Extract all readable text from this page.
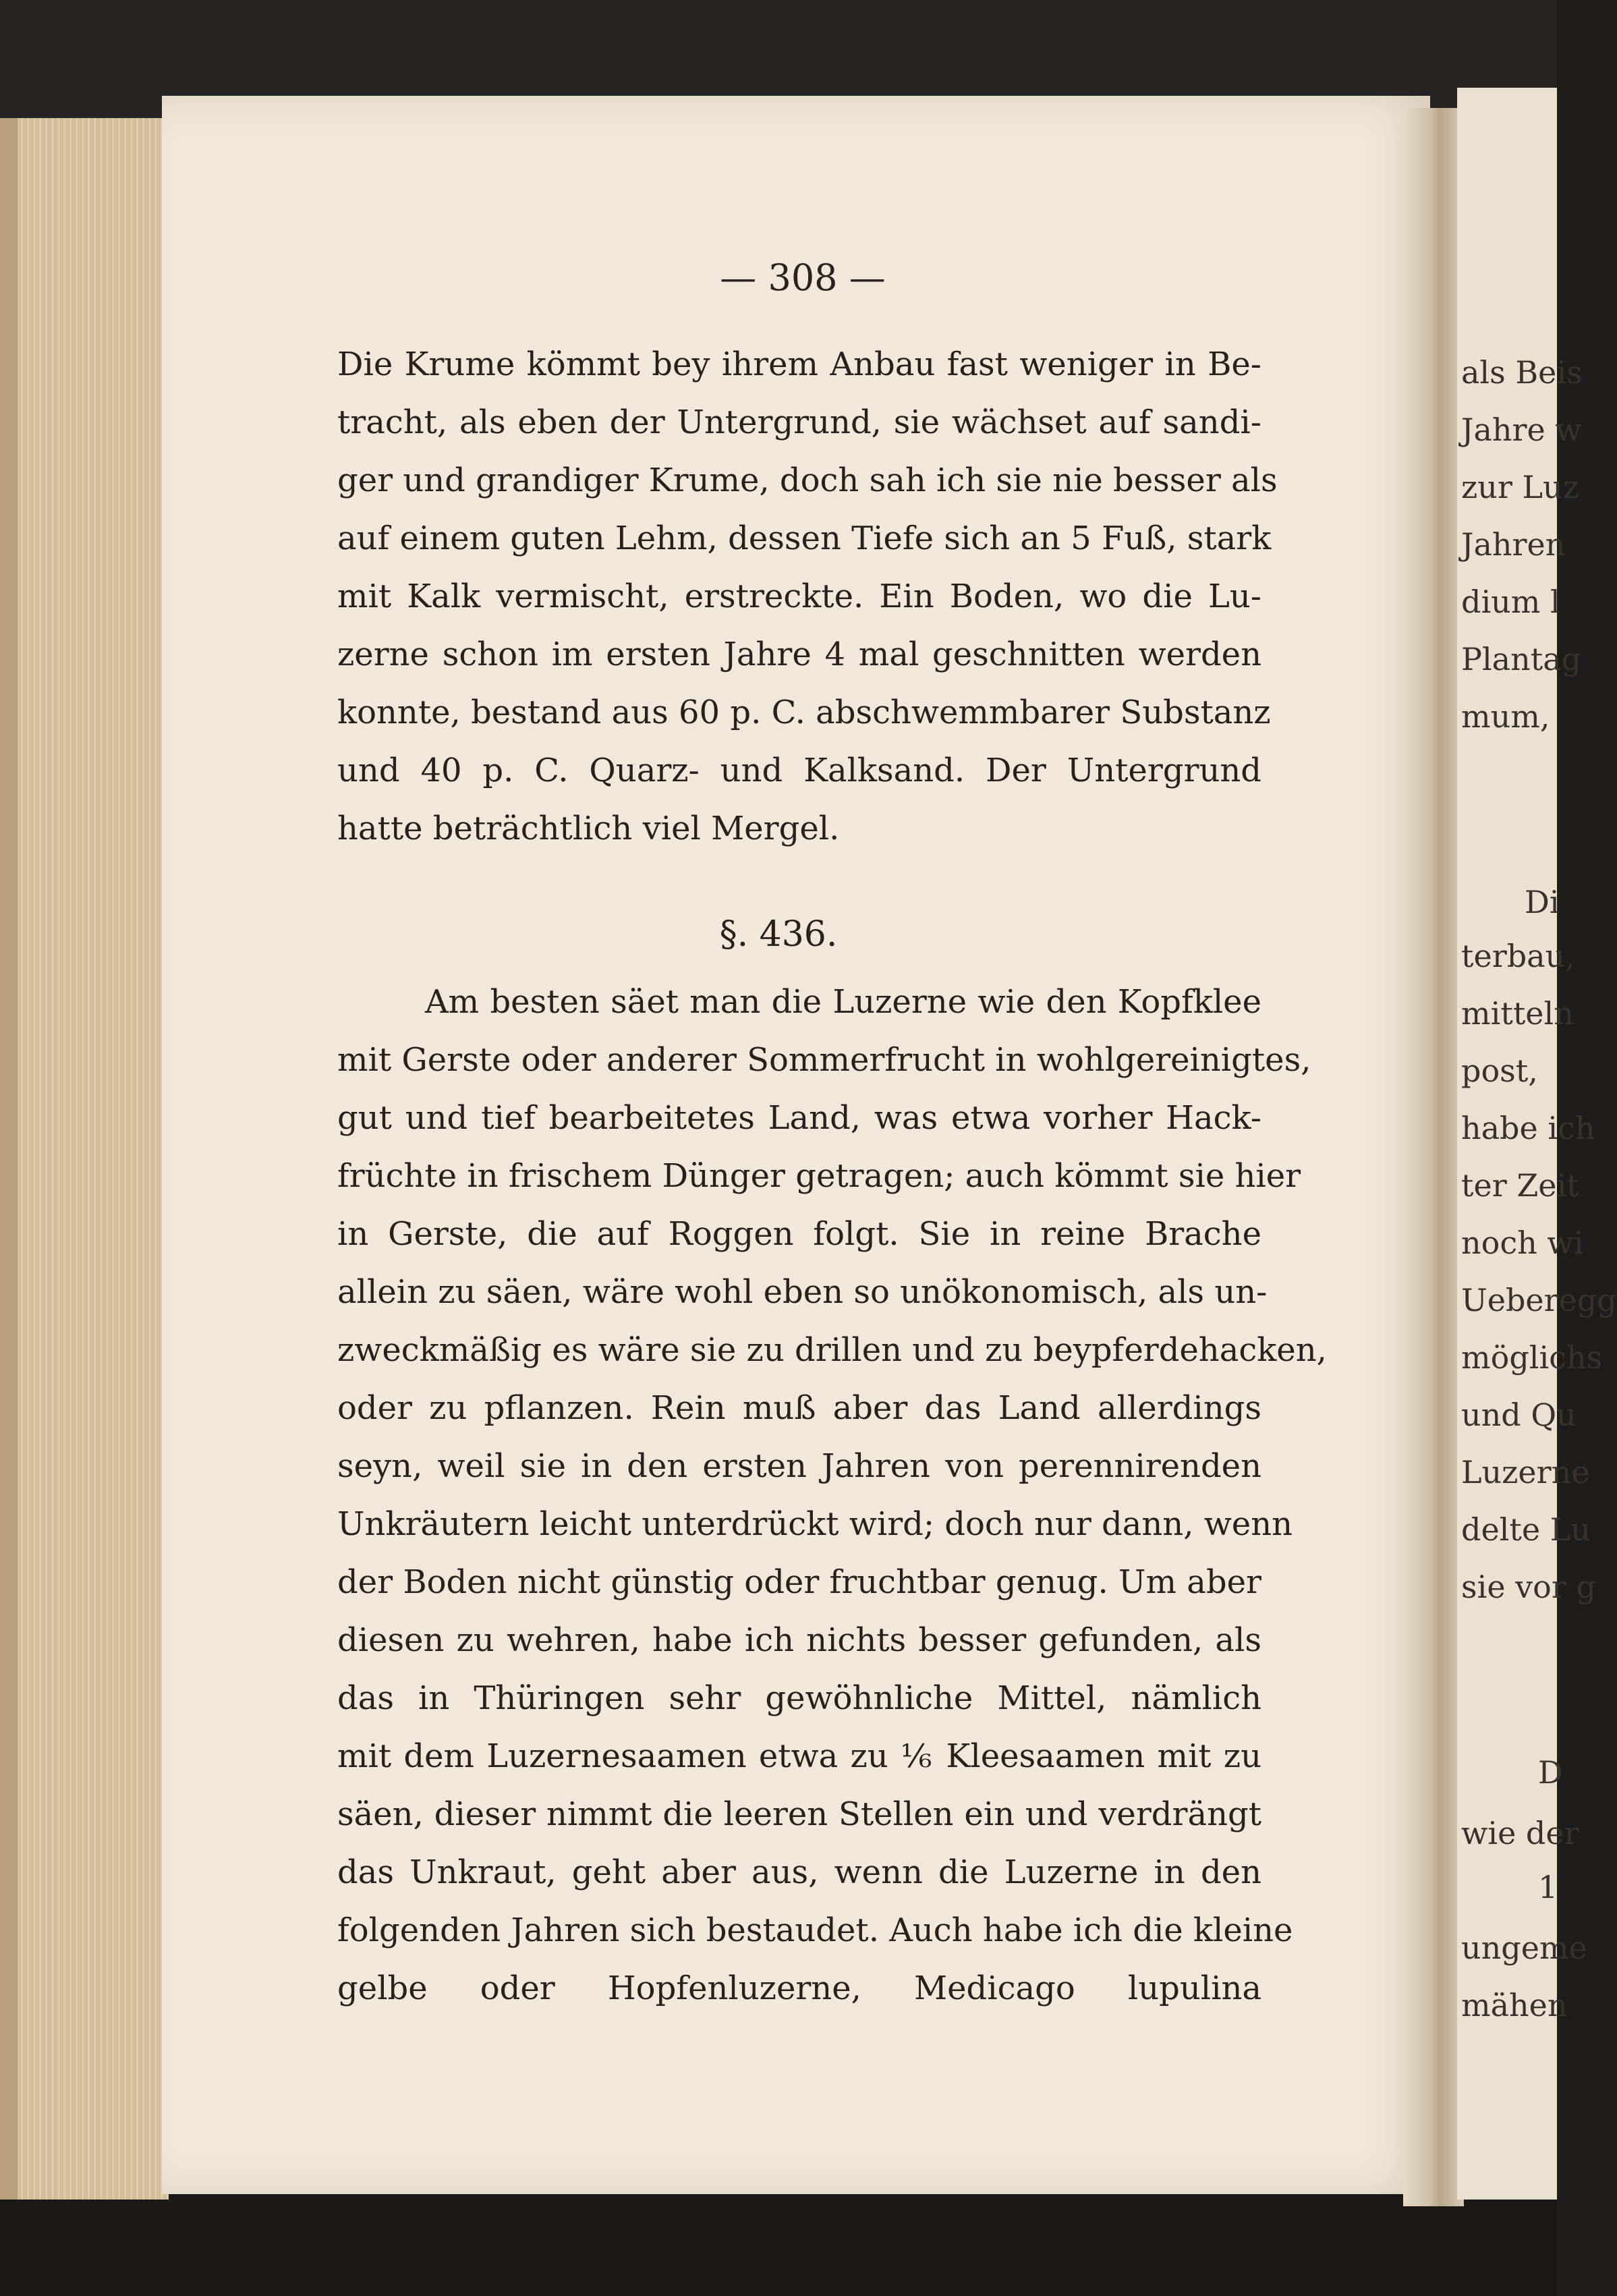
als Beis
Jahre w
zur Luz
Jahren
dium l
Plantag
mum,
Di
terbau,
mitteln
post,
habe ich
ter Zeit
noch wi
Ueberegg
möglichs
und Qu
Luzerne
delte Lu
sie vor g
D
wie der
1
ungeme
mähen
— 308 —
Die Krume kömmt bey ihrem Anbau fast weniger in Be-
tracht, als eben der Untergrund, sie wächset auf sandi-
ger und grandiger Krume, doch sah ich sie nie besser als
auf einem guten Lehm, dessen Tiefe sich an 5 Fuß, stark
mit Kalk vermischt, erstreckte. Ein Boden, wo die Lu-
zerne schon im ersten Jahre 4 mal geschnitten werden
konnte, bestand aus 60 p. C. abschwemmbarer Substanz
und 40 p. C. Quarz- und Kalksand. Der Untergrund
hatte beträchtlich viel Mergel.
§. 436.
Am besten säet man die Luzerne wie den Kopfklee
mit Gerste oder anderer Sommerfrucht in wohlgereinigtes,
gut und tief bearbeitetes Land, was etwa vorher Hack-
früchte in frischem Dünger getragen; auch kömmt sie hier
in Gerste, die auf Roggen folgt. Sie in reine Brache
allein zu säen, wäre wohl eben so unökonomisch, als un-
zweckmäßig es wäre sie zu drillen und zu beypferdehacken,
oder zu pflanzen. Rein muß aber das Land allerdings
seyn, weil sie in den ersten Jahren von perennirenden
Unkräutern leicht unterdrückt wird; doch nur dann, wenn
der Boden nicht günstig oder fruchtbar genug. Um aber
diesen zu wehren, habe ich nichts besser gefunden, als
das in Thüringen sehr gewöhnliche Mittel, nämlich
mit dem Luzernesaamen etwa zu ⅙ Kleesaamen mit zu
säen, dieser nimmt die leeren Stellen ein und verdrängt
das Unkraut, geht aber aus, wenn die Luzerne in den
folgenden Jahren sich bestaudet. Auch habe ich die kleine
gelbe oder Hopfenluzerne, Medicago lupulina
